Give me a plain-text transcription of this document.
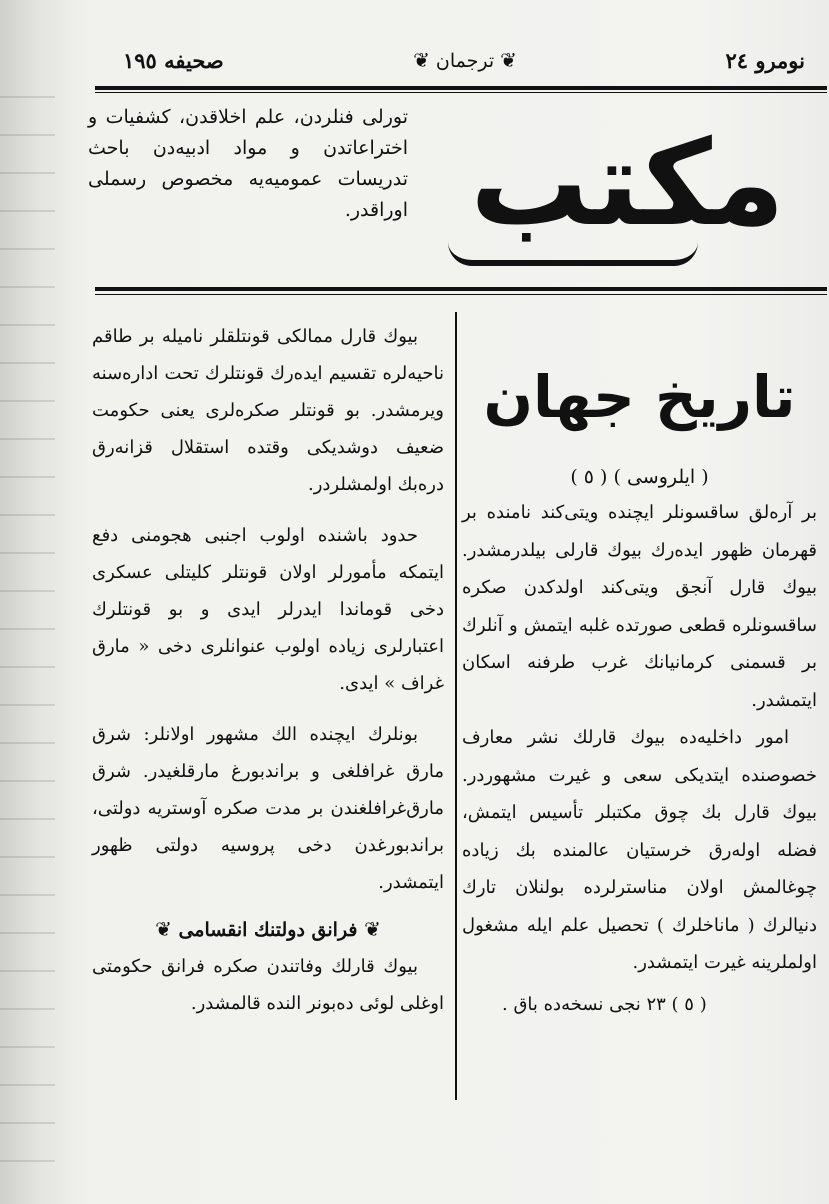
نومرو ٢٤
❦ ترجمان ❦
صحیفه ١٩٥
مکتب
تورلی فنلردن، علم اخلاقدن، کشفیات و اختراعاتدن و مواد ادبیه‌دن باحث تدریسات عمومیه‌یه مخصوص رسملی اوراقدر.
تاریخ جهان
( ایلروسی ) ( ٥ )
بر آره‌لق ساقسونلر ایچنده ویتی‌کند نامنده بر قهرمان ظهور ایده‌رك بیوك قارلی بیلدرمشدر. بیوك قارل آنجق ویتی‌کند اولدکدن صکره ساقسونلره قطعی صورتده غلبه ایتمش و آنلرك بر قسمنی کرمانیانك غرب طرفنه اسکان ایتمشدر.
امور داخلیه‌ده بیوك قارلك نشر معارف خصوصنده ایتدیکی سعی و غیرت مشهوردر. بیوك قارل بك چوق مکتبلر تأسیس ایتمش، فضله اوله‌رق خرستیان عالمنده بك زیاده چوغالمش اولان مناسترلرده بولنلان تارك دنیالرك ( ماناخلرك ) تحصیل علم ایله مشغول اولملرینه غیرت ایتمشدر.
( ٥ ) ٢٣ نجی نسخه‌ده باق .
بیوك قارل ممالکی قونتلقلر نامیله بر طاقم ناحیه‌لره تقسیم ایده‌رك قونتلرك تحت اداره‌سنه ویرمشدر. بو قونتلر صکره‌لری یعنی حکومت ضعیف دوشدیکی وقتده استقلال قزانه‌رق دره‌بك اولمشلردر.
حدود باشنده اولوب اجنبی هجومنی دفع ایتمکه مأمورلر اولان قونتلر کلیتلی عسکری دخی قوماندا ایدرلر ایدی و بو قونتلرك اعتبارلری زیاده اولوب عنوانلری دخی « مارق غراف » ایدی.
بونلرك ایچنده الك مشهور اولانلر: شرق مارق غرافلغی و براندبورغ مارقلغیدر. شرق مارق‌غرافلغندن بر مدت صکره آوستریه دولتی، براندبورغدن دخی پروسیه دولتی ظهور ایتمشدر.
❦ فرانق دولتنك انقسامی ❦
بیوك قارلك وفاتندن صکره فرانق حکومتی اوغلی لوئی ده‌بونر النده قالمشدر.
